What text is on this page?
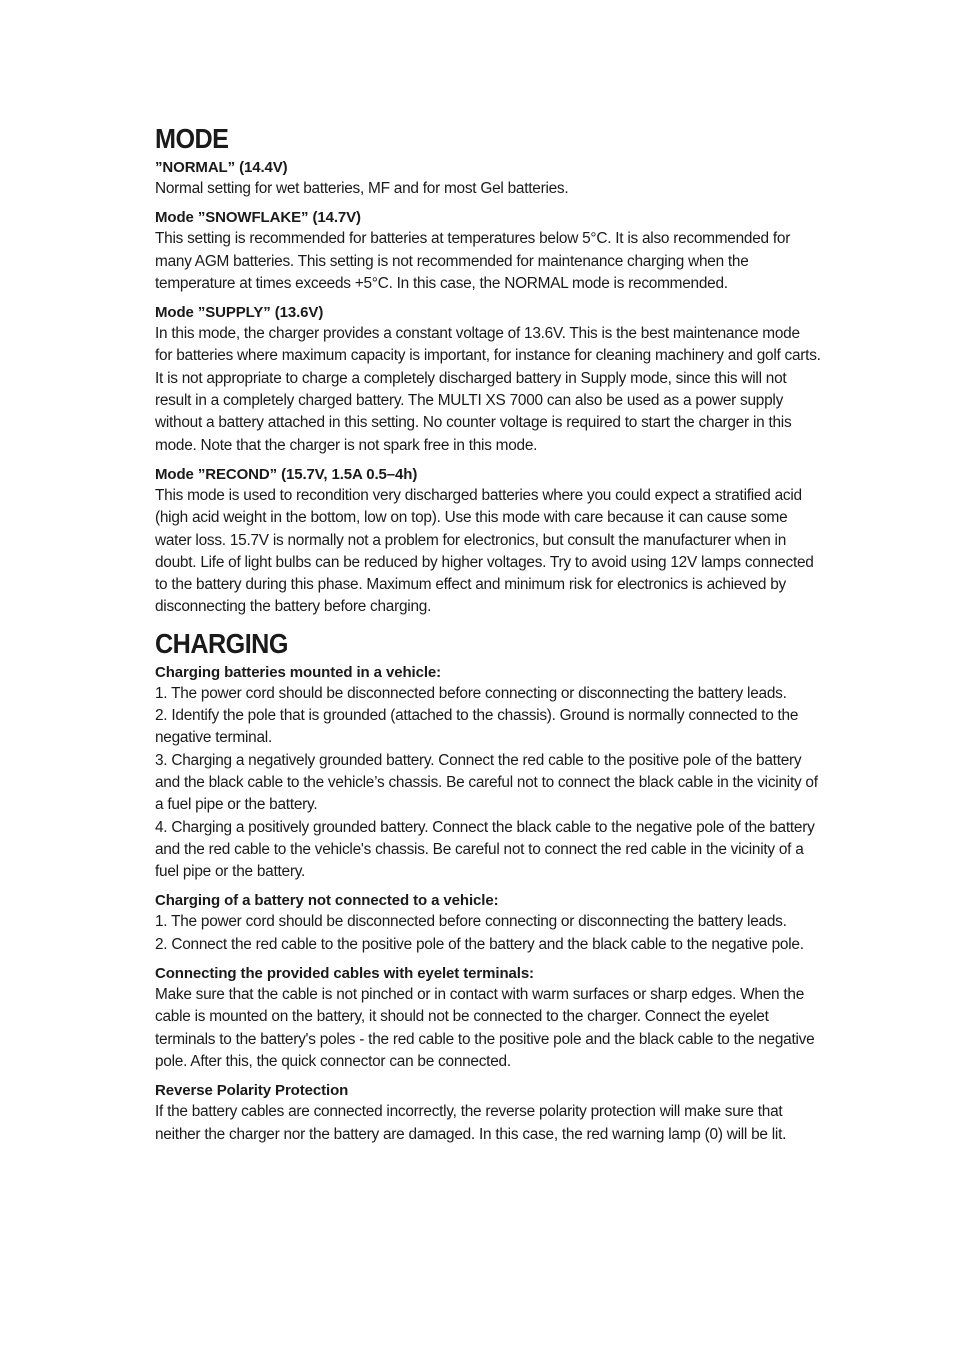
MODE
”NORMAL” (14.4V)

Normal setting for wet batteries, MF and for most Gel batteries.

Mode ”SNOWFLAKE” (14.7V)

This setting is recommended for batteries at temperatures below 5°C. It is also recommended for many AGM batteries. This setting is not recommended for maintenance charging when the temperature at times exceeds +5°C. In this case, the NORMAL mode is recommended.

Mode ”SUPPLY” (13.6V)

In this mode, the charger provides a constant voltage of 13.6V. This is the best maintenance mode for batteries where maximum capacity is important, for instance for cleaning machinery and golf carts. It is not appropriate to charge a completely discharged battery in Supply mode, since this will not result in a completely charged battery. The MULTI XS 7000 can also be used as a power supply without a battery attached in this setting. No counter voltage is required to start the charger in this mode. Note that the charger is not spark free in this mode.

Mode ”RECOND” (15.7V, 1.5A 0.5–4h)

This mode is used to recondition very discharged batteries where you could expect a stratified acid (high acid weight in the bottom, low on top). Use this mode with care because it can cause some water loss. 15.7V is normally not a problem for electronics, but consult the manufacturer when in doubt. Life of light bulbs can be reduced by higher voltages. Try to avoid using 12V lamps connected to the battery during this phase. Maximum effect and minimum risk for electronics is achieved by disconnecting the battery before charging.

CHARGING
Charging batteries mounted in a vehicle:

1. The power cord should be disconnected before connecting or disconnecting the battery leads.

2. Identify the pole that is grounded (attached to the chassis). Ground is normally connected to the negative terminal.

3. Charging a negatively grounded battery. Connect the red cable to the positive pole of the battery and the black cable to the vehicle’s chassis. Be careful not to connect the black cable in the vicinity of a fuel pipe or the battery.

4. Charging a positively grounded battery. Connect the black cable to the negative pole of the battery and the red cable to the vehicle's chassis. Be careful not to connect the red cable in the vicinity of a fuel pipe or the battery.

Charging of a battery not connected to a vehicle:

1. The power cord should be disconnected before connecting or disconnecting the battery leads.

2. Connect the red cable to the positive pole of the battery and the black cable to the negative pole.

Connecting the provided cables with eyelet terminals:

Make sure that the cable is not pinched or in contact with warm surfaces or sharp edges. When the cable is mounted on the battery, it should not be connected to the charger. Connect the eyelet terminals to the battery's poles - the red cable to the positive pole and the black cable to the negative pole. After this, the quick connector can be connected.

Reverse Polarity Protection

If the battery cables are connected incorrectly, the reverse polarity protection will make sure that neither the charger nor the battery are damaged. In this case, the red warning lamp (0) will be lit.
